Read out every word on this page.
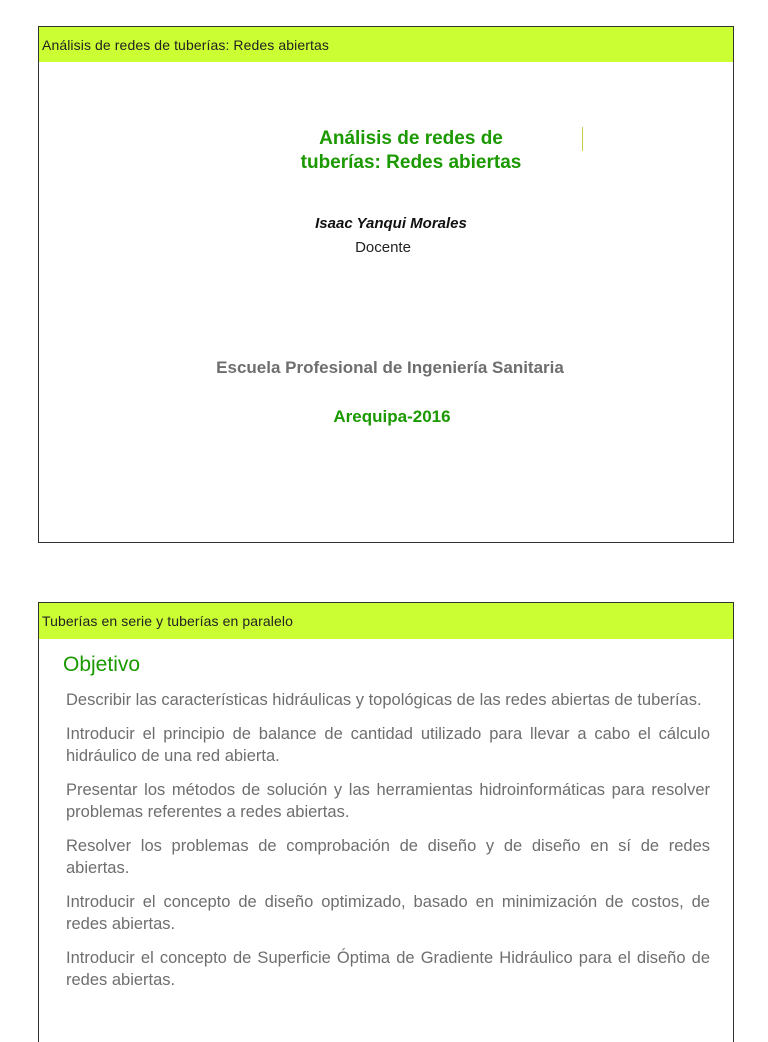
Análisis de redes de tuberías: Redes abiertas
Análisis de redes de
tuberías: Redes abiertas
Isaac Yanqui Morales
Docente
Escuela Profesional de Ingeniería Sanitaria
Arequipa-2016
Tuberías en serie y tuberías en paralelo
Objetivo
Describir las características hidráulicas y topológicas de las redes abiertas de tuberías.
Introducir el principio de balance de cantidad utilizado para llevar a cabo el cálculo hidráulico de una red abierta.
Presentar los métodos de solución y las herramientas hidroinformáticas para resolver problemas referentes a redes abiertas.
Resolver los problemas de comprobación de diseño y de diseño en sí de redes abiertas.
Introducir el concepto de diseño optimizado, basado en minimización de costos, de redes abiertas.
Introducir el concepto de Superficie Óptima de Gradiente Hidráulico para el diseño de redes abiertas.
